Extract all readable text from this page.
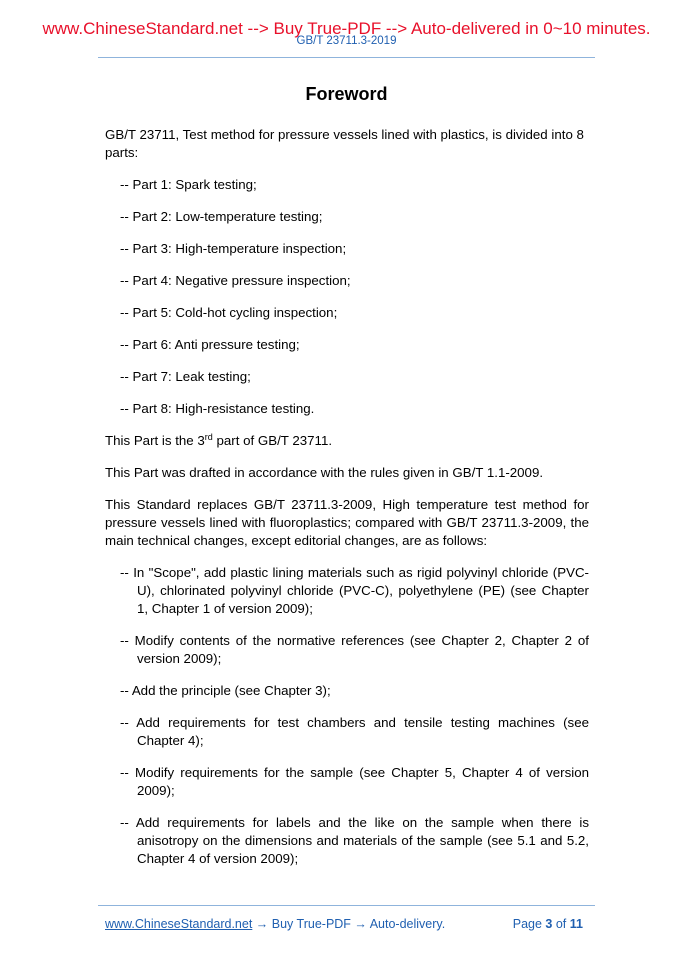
www.ChineseStandard.net --> Buy True-PDF --> Auto-delivered in 0~10 minutes.
GB/T 23711.3-2019
Foreword

GB/T 23711, Test method for pressure vessels lined with plastics, is divided into 8 parts:

-- Part 1: Spark testing;

-- Part 2: Low-temperature testing;

-- Part 3: High-temperature inspection;

-- Part 4: Negative pressure inspection;

-- Part 5: Cold-hot cycling inspection;

-- Part 6: Anti pressure testing;

-- Part 7: Leak testing;

-- Part 8: High-resistance testing.

This Part is the 3rd part of GB/T 23711.

This Part was drafted in accordance with the rules given in GB/T 1.1-2009.

This Standard replaces GB/T 23711.3-2009, High temperature test method for pressure vessels lined with fluoroplastics; compared with GB/T 23711.3-2009, the main technical changes, except editorial changes, are as follows:

-- In "Scope", add plastic lining materials such as rigid polyvinyl chloride (PVC-U), chlorinated polyvinyl chloride (PVC-C), polyethylene (PE) (see Chapter 1, Chapter 1 of version 2009);

-- Modify contents of the normative references (see Chapter 2, Chapter 2 of version 2009);

-- Add the principle (see Chapter 3);

-- Add requirements for test chambers and tensile testing machines (see Chapter 4);

-- Modify requirements for the sample (see Chapter 5, Chapter 4 of version 2009);

-- Add requirements for labels and the like on the sample when there is anisotropy on the dimensions and materials of the sample (see 5.1 and 5.2, Chapter 4 of version 2009);

www.ChineseStandard.net → Buy True-PDF → Auto-delivery.	Page 3 of 11
